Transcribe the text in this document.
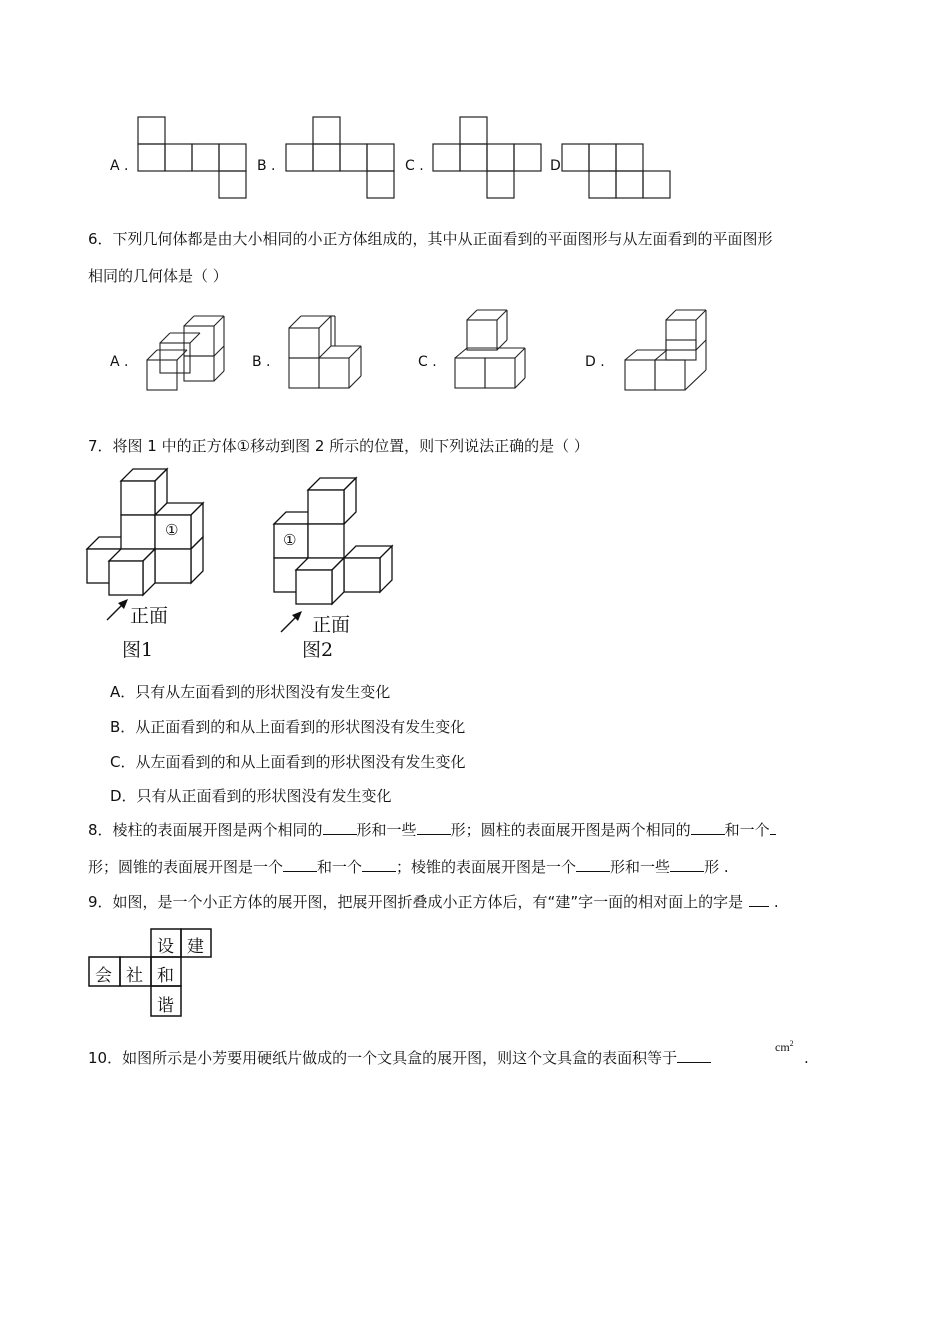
A .	B .	C .	D
6．下列几何体都是由大小相同的小正方体组成的，其中从正面看到的平面图形与从左面看到的平面图形
相同的几何体是（ ）
A .	B .	C .	D .
7．将图 1 中的正方体①移动到图 2 所示的位置，则下列说法正确的是（ ）
①
正面
图1
①
正面
图2
A．只有从左面看到的形状图没有发生变化
B．从正面看到的和从上面看到的形状图没有发生变化
C．从左面看到的和从上面看到的形状图没有发生变化
D．只有从正面看到的形状图没有发生变化
8．棱柱的表面展开图是两个相同的 形和一些 形；圆柱的表面展开图是两个相同的 和一个
形；圆锥的表面展开图是一个 和一个 ；棱锥的表面展开图是一个 形和一些 形 .
9．如图，是一个小正方体的展开图，把展开图折叠成小正方体后，有“建”字一面的相对面上的字是 .
设 建
会 社 和
谐
10．如图所示是小芳要用硬纸片做成的一个文具盒的展开图，则这个文具盒的表面积等于
$cm^2$
.
